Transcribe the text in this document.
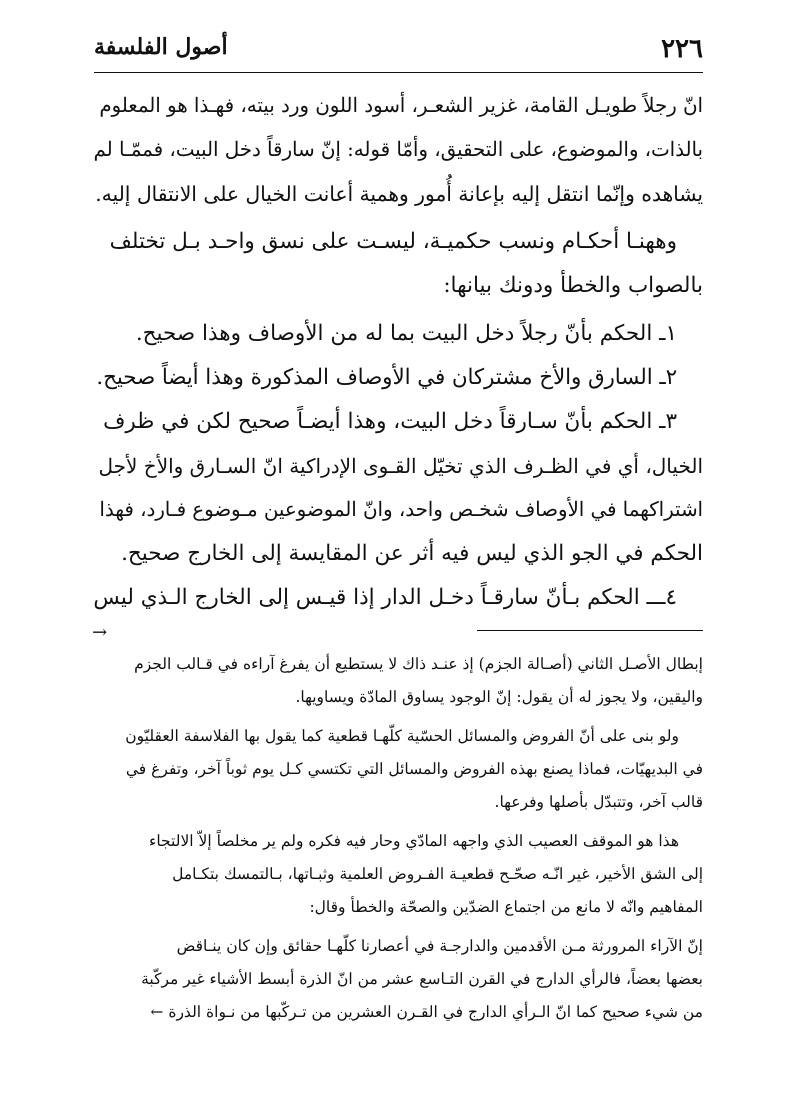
٢٢٦
أصول الفلسفة

انّ رجلاً طويـل القامة، غزير الشعـر، أسود اللون ورد بيته، فهـذا هو المعلوم

بالذات، والموضوع، على التحقيق، وأمّا قوله: إنّ سارقاً دخل البيت، فممّـا لم

يشاهده وإنّما انتقل إليه بإعانة أُمور وهمية أعانت الخيال على الانتقال إليه.

وههنـا أحكـام ونسب حكميـة، ليسـت على نسق واحـد بـل تختلف

بالصواب والخطأ ودونك بيانها:

١ـ الحكم بأنّ رجلاً دخل البيت بما له من الأوصاف وهذا صحيح.

٢ـ السارق والأخ مشتركان في الأوصاف المذكورة وهذا أيضاً صحيح.

٣ـ الحكم بأنّ سـارقاً دخل البيت، وهذا أيضـاً صحيح لكن في ظرف

الخيال، أي في الظـرف الذي تخيّل القـوى الإدراكية انّ السـارق والأخ لأجل

اشتراكهما في الأوصاف شخـص واحد، وانّ الموضوعين مـوضوع فـارد، فهذا

الحكم في الجو الذي ليس فيه أثر عن المقايسة إلى الخارج صحيح.

٤ـــ الحكم بـأنّ سارقـاً دخـل الدار إذا قيـس إلى الخارج الـذي ليس

→

إبطال الأصـل الثاني (أصـالة الجزم) إذ عنـد ذاك لا يستطيع أن يفرغ آراءه في قـالب الجزم

واليقين، ولا يجوز له أن يقول: إنّ الوجود يساوق المادّة ويساويها.

ولو بنى على أنّ الفروض والمسائل الحسّية كلّهـا قطعية كما يقول بها الفلاسفة العقليّون

في البديهيّات، فماذا يصنع بهذه الفروض والمسائل التي تكتسي كـل يوم ثوباً آخر، وتفرغ في

قالب آخر، وتتبدّل بأصلها وفرعها.

هذا هو الموقف العصيب الذي واجهه المادّي وحار فيه فكره ولم ير مخلصاً إلاّ الالتجاء

إلى الشق الأخير، غير انّـه صحّـح قطعيـة الفـروض العلمية وثبـاتها، بـالتمسك بتكـامل

المفاهيم وانّه لا مانع من اجتماع الضدّين والصحّة والخطأ وقال:

إنّ الآراء المرورثة مـن الأقدمين والدارجـة في أعصارنا كلّهـا حقائق وإن كان ينـاقض

بعضها بعضاً، فالرأي الدارج في القرن التـاسع عشر من انّ الذرة أبسط الأشياء غير مركّبة

من شيء صحيح كما انّ الـرأي الدارج في القـرن العشرين من تـركّبها من نـواة الذرة ←
